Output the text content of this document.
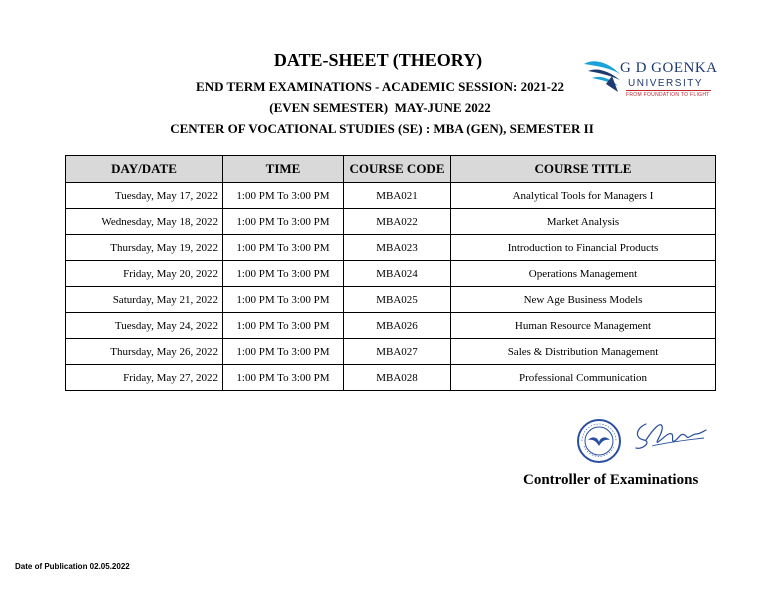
DATE-SHEET (THEORY)
END TERM EXAMINATIONS - ACADEMIC SESSION: 2021-22
(EVEN SEMESTER)  MAY-JUNE 2022
CENTER OF VOCATIONAL STUDIES (SE) : MBA (GEN), SEMESTER II
G D GOENKA
UNIVERSITY
FROM FOUNDATION TO FLIGHT
DAY/DATE	TIME	COURSE CODE	COURSE TITLE
Tuesday, May 17, 2022	1:00 PM To 3:00 PM	MBA021	Analytical Tools for Managers I
Wednesday, May 18, 2022	1:00 PM To 3:00 PM	MBA022	Market Analysis
Thursday, May 19, 2022	1:00 PM To 3:00 PM	MBA023	Introduction to Financial Products
Friday, May 20, 2022	1:00 PM To 3:00 PM	MBA024	Operations Management
Saturday, May 21, 2022	1:00 PM To 3:00 PM	MBA025	New Age Business Models
Tuesday, May 24, 2022	1:00 PM To 3:00 PM	MBA026	Human Resource Management
Thursday, May 26, 2022	1:00 PM To 3:00 PM	MBA027	Sales & Distribution Management
Friday, May 27, 2022	1:00 PM To 3:00 PM	MBA028	Professional Communication
Controller of Examinations
Date of Publication 02.05.2022
